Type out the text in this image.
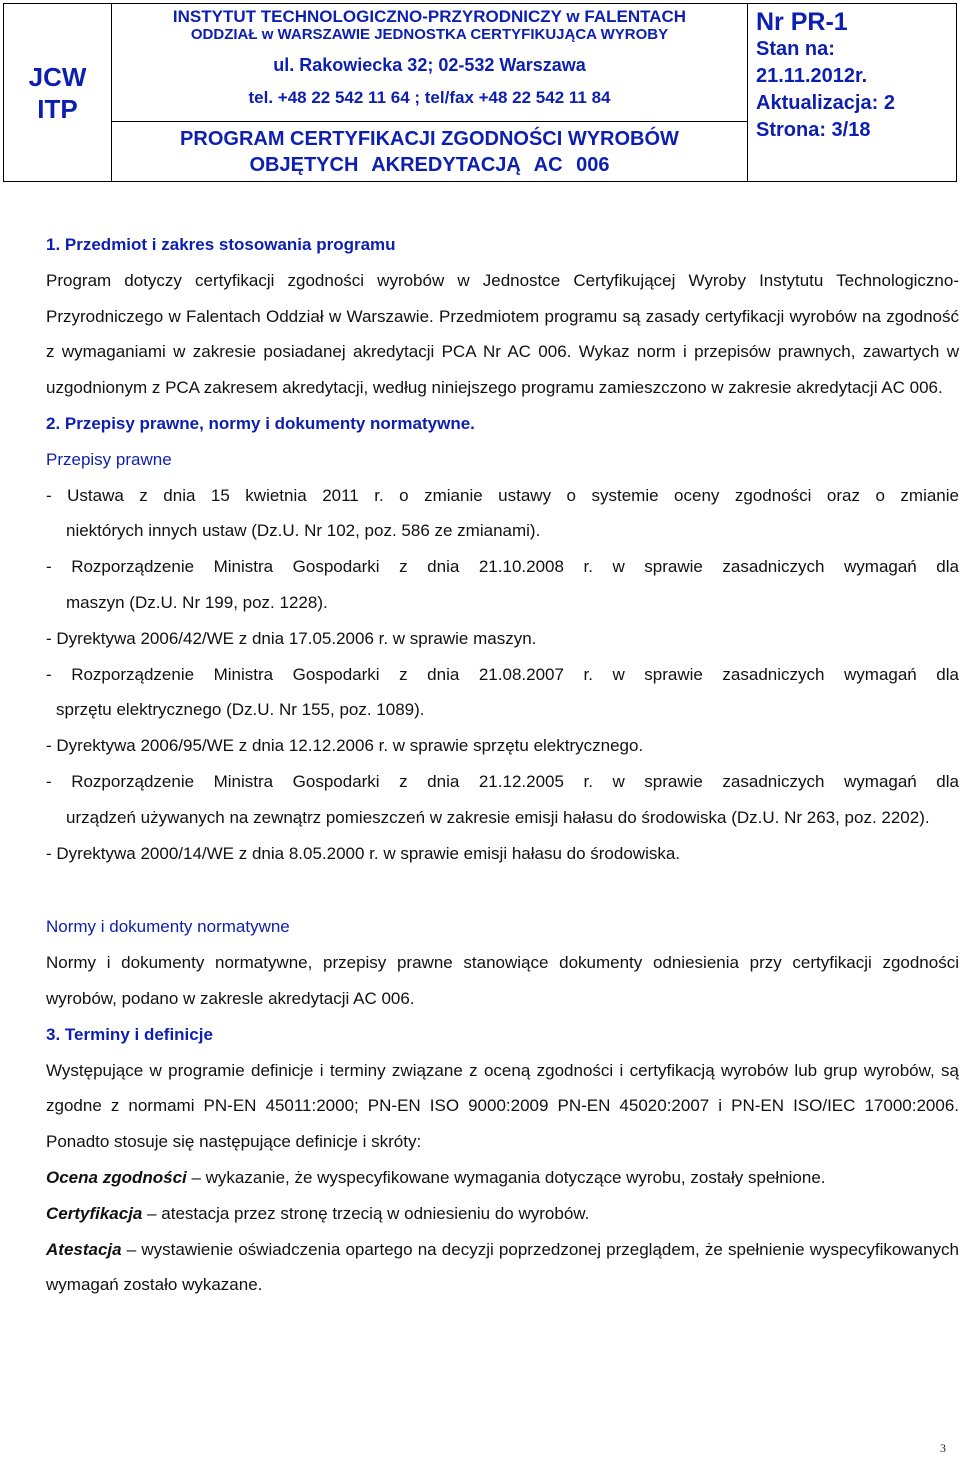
JCW
ITP
INSTYTUT TECHNOLOGICZNO-PRZYRODNICZY w FALENTACH
ODDZIAŁ w WARSZAWIE JEDNOSTKA CERTYFIKUJĄCA WYROBY
ul. Rakowiecka 32; 02-532 Warszawa
tel. +48 22 542 11 64 ; tel/fax +48 22 542 11 84
PROGRAM CERTYFIKACJI ZGODNOŚCI WYROBÓW
OBJĘTYCH AKREDYTACJĄ AC 006
Nr PR-1
Stan na:
21.11.2012r.
Aktualizacja: 2
Strona: 3/18

1. Przedmiot i zakres stosowania programu

Program dotyczy certyfikacji zgodności wyrobów w Jednostce Certyfikującej Wyroby Instytutu Technologiczno-Przyrodniczego w Falentach Oddział w Warszawie. Przedmiotem programu są zasady certyfikacji wyrobów na zgodność z wymaganiami w zakresie posiadanej akredytacji PCA Nr AC 006. Wykaz norm i przepisów prawnych, zawartych w uzgodnionym z PCA zakresem akredytacji, według niniejszego programu zamieszczono w zakresie akredytacji AC 006.

2. Przepisy prawne, normy i dokumenty normatywne.

Przepisy prawne

- Ustawa z dnia 15 kwietnia 2011 r. o zmianie ustawy o systemie oceny zgodności oraz o zmianie

niektórych innych ustaw (Dz.U. Nr 102, poz. 586 ze zmianami).

- Rozporządzenie Ministra Gospodarki z dnia 21.10.2008 r. w sprawie zasadniczych wymagań dla

maszyn (Dz.U. Nr 199, poz. 1228).

- Dyrektywa 2006/42/WE z dnia 17.05.2006 r. w sprawie maszyn.

- Rozporządzenie Ministra Gospodarki z dnia 21.08.2007 r. w sprawie zasadniczych wymagań dla

sprzętu elektrycznego (Dz.U. Nr 155, poz. 1089).

- Dyrektywa 2006/95/WE z dnia 12.12.2006 r. w sprawie sprzętu elektrycznego.

- Rozporządzenie Ministra Gospodarki z dnia 21.12.2005 r. w sprawie zasadniczych wymagań dla

urządzeń używanych na zewnątrz pomieszczeń w zakresie emisji hałasu do środowiska (Dz.U. Nr 263, poz. 2202).

- Dyrektywa 2000/14/WE z dnia 8.05.2000 r. w sprawie emisji hałasu do środowiska.

Normy i dokumenty normatywne

Normy i dokumenty normatywne, przepisy prawne stanowiące dokumenty odniesienia przy certyfikacji zgodności wyrobów, podano w zakresle akredytacji AC 006.

3. Terminy i definicje

Występujące w programie definicje i terminy związane z oceną zgodności i certyfikacją wyrobów lub grup wyrobów, są zgodne z normami PN-EN 45011:2000; PN-EN ISO 9000:2009 PN-EN 45020:2007 i PN-EN ISO/IEC 17000:2006. Ponadto stosuje się następujące definicje i skróty:

Ocena zgodności – wykazanie, że wyspecyfikowane wymagania dotyczące wyrobu, zostały spełnione.

Certyfikacja – atestacja przez stronę trzecią w odniesieniu do wyrobów.

Atestacja – wystawienie oświadczenia opartego na decyzji poprzedzonej przeglądem, że spełnienie wyspecyfikowanych wymagań zostało wykazane.

3
